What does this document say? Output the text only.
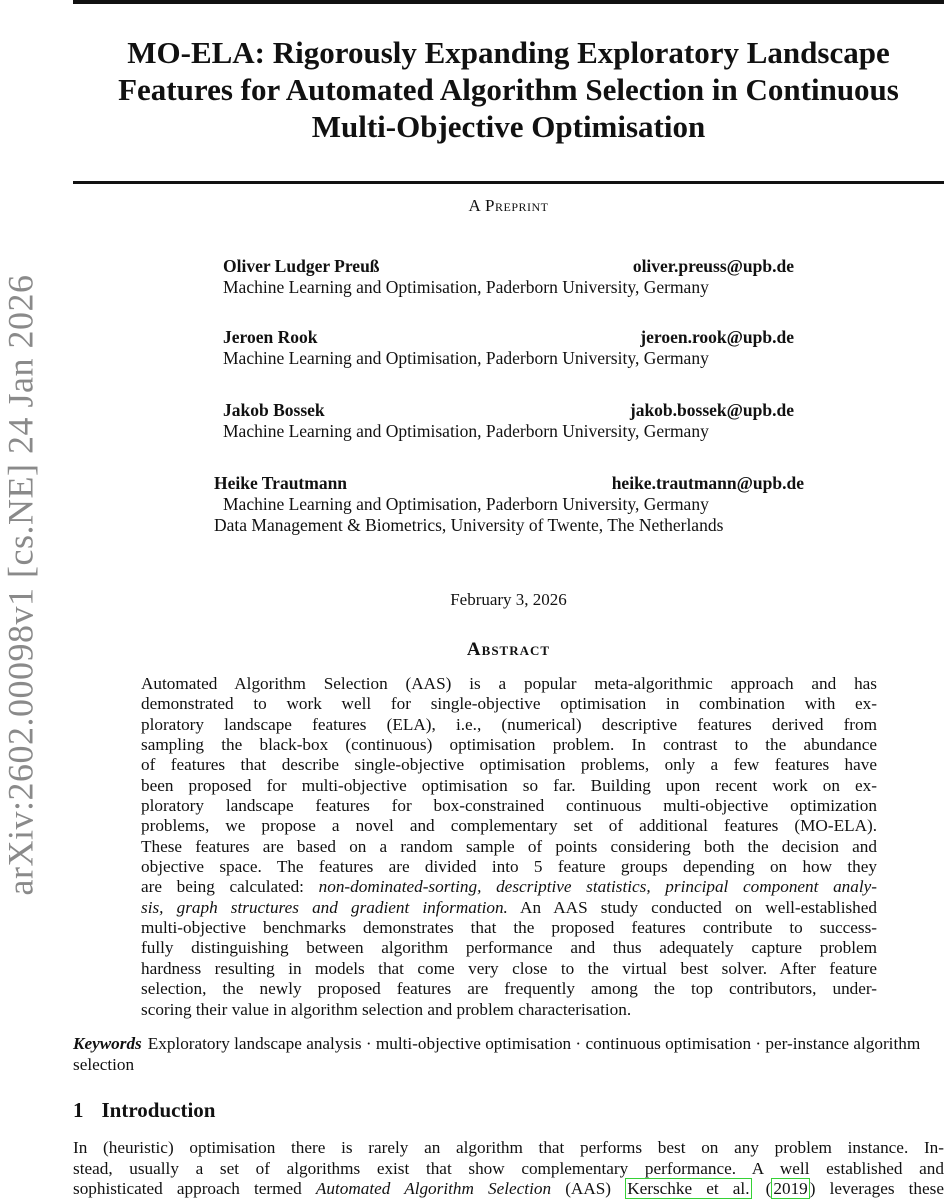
arXiv:2602.00098v1 [cs.NE] 24 Jan 2026
MO-ELA: Rigorously Expanding Exploratory Landscape
Features for Automated Algorithm Selection in Continuous
Multi-Objective Optimisation
A Preprint
Oliver Ludger Preuß	oliver.preuss@upb.de
Machine Learning and Optimisation, Paderborn University, Germany
Jeroen Rook	jeroen.rook@upb.de
Machine Learning and Optimisation, Paderborn University, Germany
Jakob Bossek	jakob.bossek@upb.de
Machine Learning and Optimisation, Paderborn University, Germany
Heike Trautmann	heike.trautmann@upb.de
Machine Learning and Optimisation, Paderborn University, Germany
Data Management & Biometrics, University of Twente, The Netherlands
February 3, 2026
Abstract
Automated Algorithm Selection (AAS) is a popular meta-algorithmic approach and has
demonstrated to work well for single-objective optimisation in combination with ex-
ploratory landscape features (ELA), i.e., (numerical) descriptive features derived from
sampling the black-box (continuous) optimisation problem. In contrast to the abundance
of features that describe single-objective optimisation problems, only a few features have
been proposed for multi-objective optimisation so far. Building upon recent work on ex-
ploratory landscape features for box-constrained continuous multi-objective optimization
problems, we propose a novel and complementary set of additional features (MO-ELA).
These features are based on a random sample of points considering both the decision and
objective space. The features are divided into 5 feature groups depending on how they
are being calculated: non-dominated-sorting, descriptive statistics, principal component analy-
sis, graph structures and gradient information. An AAS study conducted on well-established
multi-objective benchmarks demonstrates that the proposed features contribute to success-
fully distinguishing between algorithm performance and thus adequately capture problem
hardness resulting in models that come very close to the virtual best solver. After feature
selection, the newly proposed features are frequently among the top contributors, under-
scoring their value in algorithm selection and problem characterisation.

Keywords Exploratory landscape analysis · multi-objective optimisation · continuous optimisation · per-instance algorithm selection

1 Introduction
In (heuristic) optimisation there is rarely an algorithm that performs best on any problem instance. In-
stead, usually a set of algorithms exist that show complementary performance. A well established and
sophisticated approach termed Automated Algorithm Selection (AAS) Kerschke et al. ( 2019 ) leverages these
